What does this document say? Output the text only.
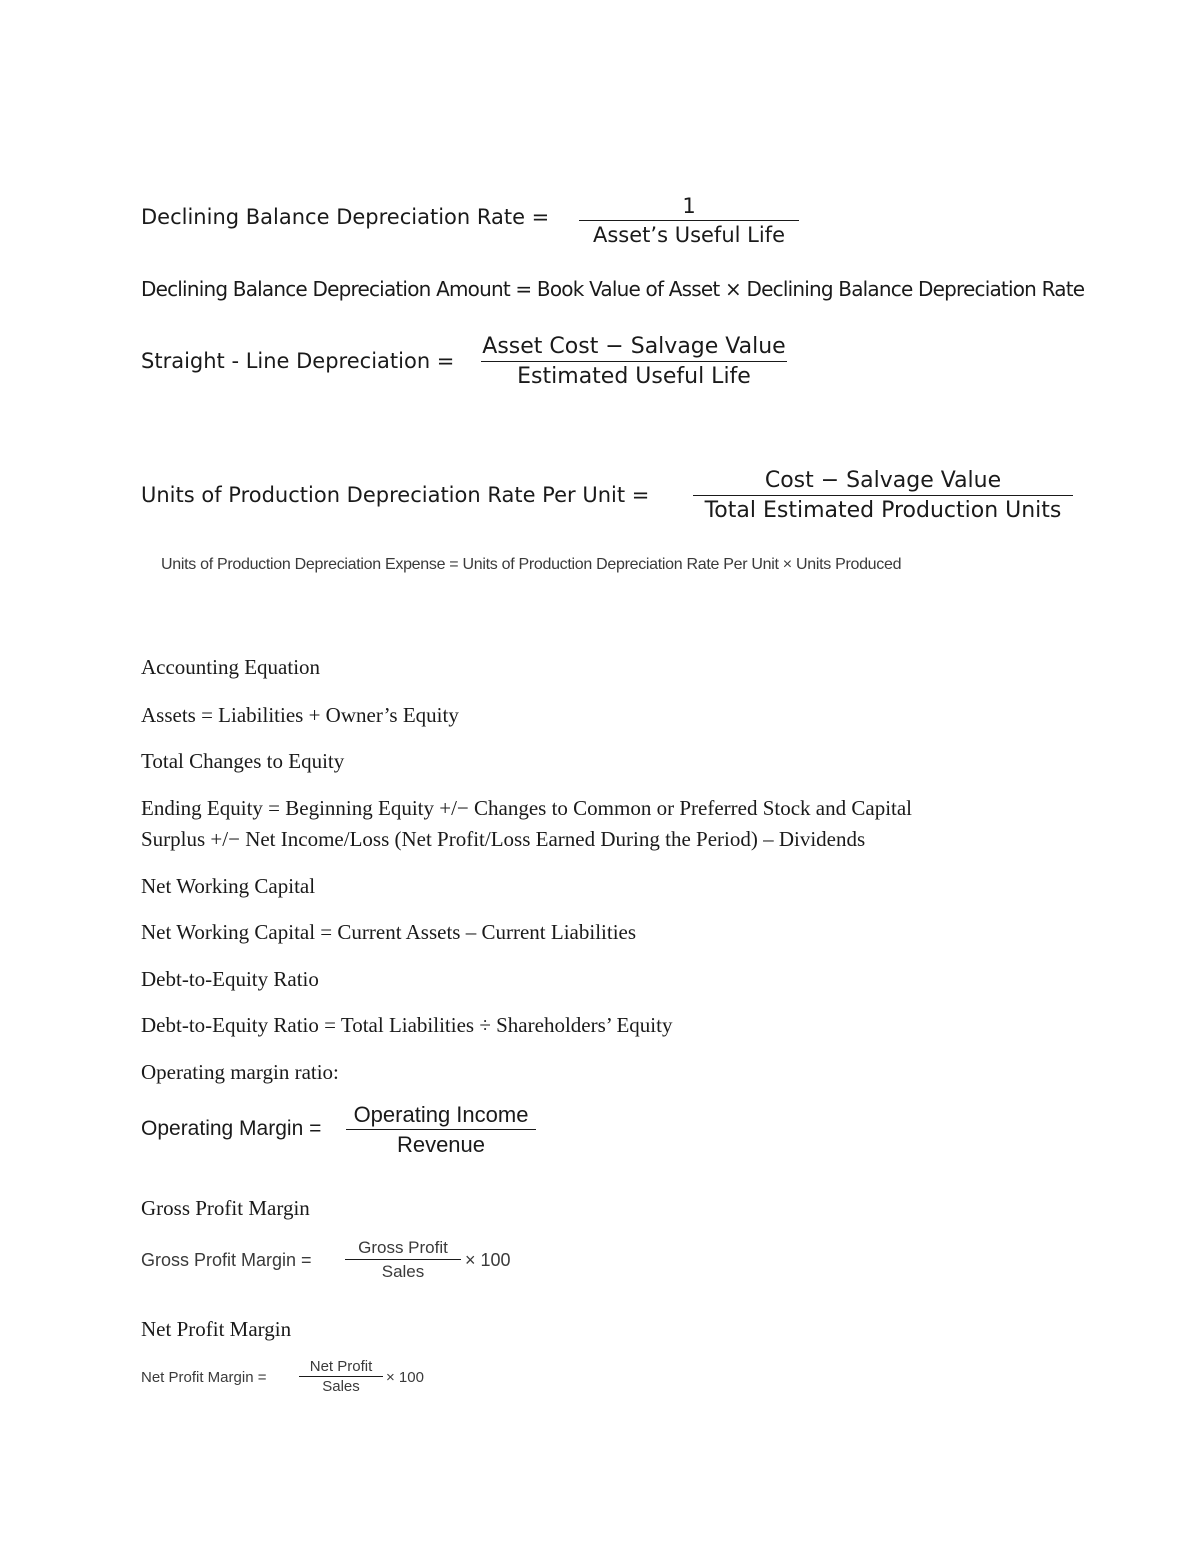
Declining Balance Depreciation Rate =	1
Asset’s Useful Life
Declining Balance Depreciation Amount = Book Value of Asset × Declining Balance Depreciation Rate
Straight - Line Depreciation =
Asset Cost − Salvage Value
Estimated Useful Life
Units of Production Depreciation Rate Per Unit =
Cost − Salvage Value
Total Estimated Production Units
Units of Production Depreciation Expense = Units of Production Depreciation Rate Per Unit × Units Produced
Accounting Equation
Assets = Liabilities + Owner’s Equity
Total Changes to Equity
Ending Equity = Beginning Equity +/− Changes to Common or Preferred Stock and Capital
Surplus +/− Net Income/Loss (Net Profit/Loss Earned During the Period) – Dividends
Net Working Capital
Net Working Capital = Current Assets – Current Liabilities
Debt-to-Equity Ratio
Debt-to-Equity Ratio = Total Liabilities ÷ Shareholders’ Equity
Operating margin ratio:
Operating Margin =
Operating Income
Revenue
Gross Profit Margin
Gross Profit Margin =
Gross Profit
Sales
× 100
Net Profit Margin
Net Profit Margin =
Net Profit
Sales
× 100
